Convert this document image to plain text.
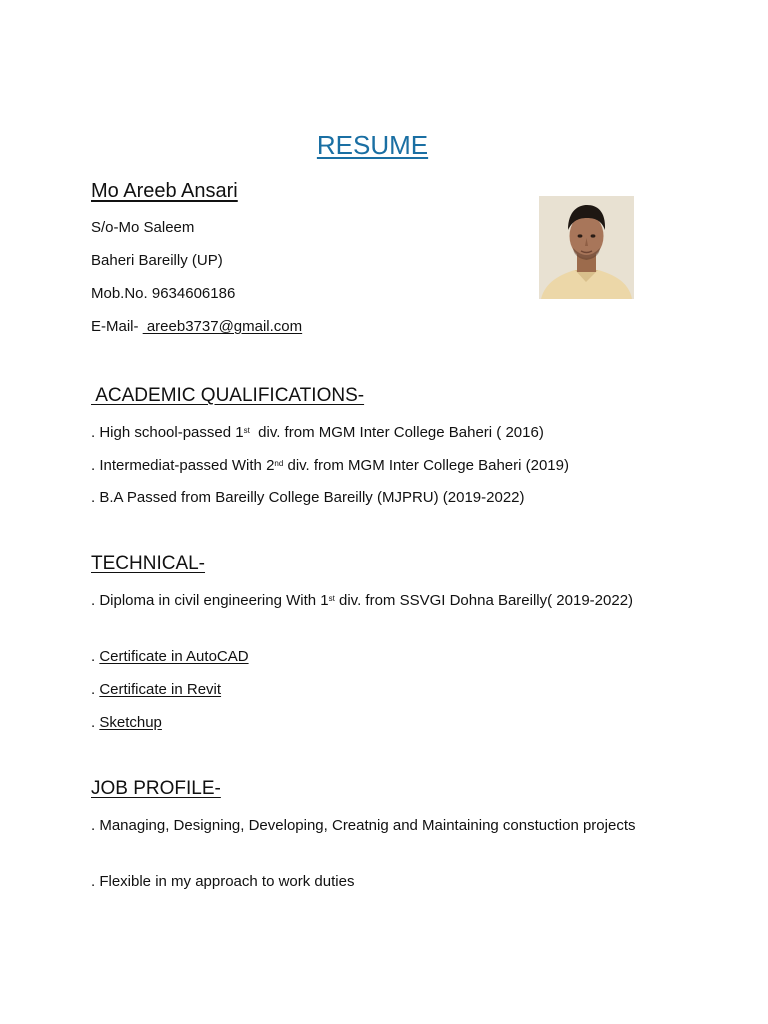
RESUME
Mo Areeb Ansari
S/o-Mo Saleem
Baheri Bareilly (UP)
Mob.No. 9634606186
E-Mail-  areeb3737@gmail.com
ACADEMIC QUALIFICATIONS-
. High school-passed 1st  div. from MGM Inter College Baheri ( 2016)
. Intermediat-passed With 2nd div. from MGM Inter College Baheri (2019)
. B.A Passed from Bareilly College Bareilly (MJPRU) (2019-2022)
TECHNICAL-
. Diploma in civil engineering With 1st div. from SSVGI Dohna Bareilly( 2019-2022)
. Certificate in AutoCAD
. Certificate in Revit
. Sketchup
JOB PROFILE-
. Managing, Designing, Developing, Creatnig and Maintaining constuction projects
. Flexible in my approach to work duties
